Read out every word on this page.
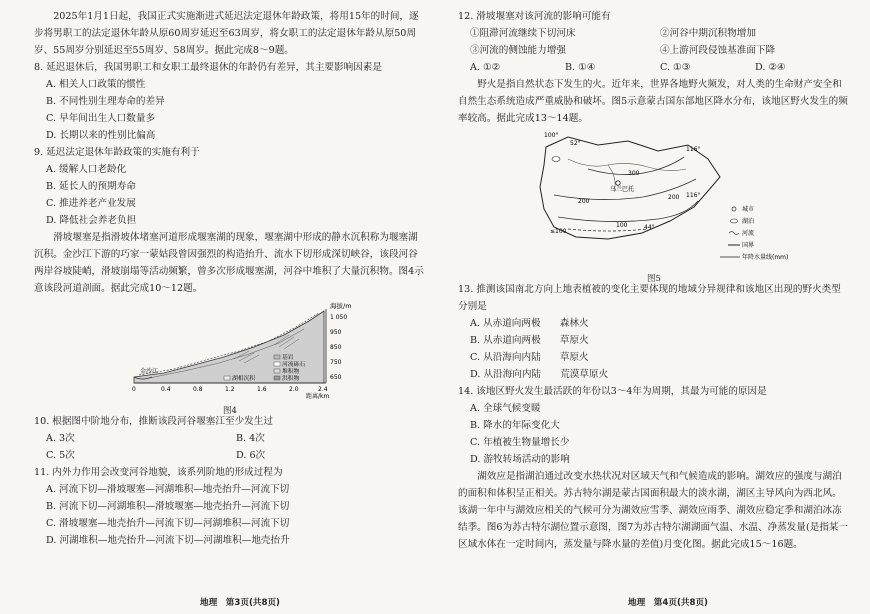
2025年1月1日起，我国正式实施渐进式延迟法定退休年龄政策，将用15年的时间，逐步将男职工的法定退休年龄从原60周岁延迟至63周岁，将女职工的法定退休年龄从原50周岁、55周岁分别延迟至55周岁、58周岁。据此完成8～9题。

8. 延迟退休后，我国男职工和女职工最终退休的年龄仍有差异，其主要影响因素是

A. 相关人口政策的惯性

B. 不同性别生理寿命的差异

C. 早年间出生人口数量多

D. 长期以来的性别比偏高

9. 延迟法定退休年龄政策的实施有利于

A. 缓解人口老龄化

B. 延长人的预期寿命

C. 推进养老产业发展

D. 降低社会养老负担

滑坡堰塞是指滑坡体堵塞河道形成堰塞湖的现象，堰塞湖中形成的静水沉积称为堰塞湖沉积。金沙江下游的巧家一蒙姑段曾因强烈的构造抬升、流水下切形成深切峡谷，该段河谷两岸谷坡陡峭，滑坡崩塌等活动频繁，曾多次形成堰塞湖，河谷中堆积了大量沉积物。图4示意该段河道剖面。据此完成10～12题。

海拔/m
1 050
950
850
750
650
0	0.4	0.8	1.2	1.6	2.0	2.4
距离/km
金沙江
基岩
河流砾石
堆积物
洪积物
湖相沉积

图4

10. 根据图中阶地分布，推断该段河谷堰塞江至少发生过

A. 3次	B. 4次
C. 5次	D. 6次

11. 内外力作用会改变河谷地貌，该系列阶地的形成过程为

A. 河流下切—滑坡堰塞—河湖堆积—地壳抬升—河流下切

B. 河流下切—河湖堆积—滑坡堰塞—地壳抬升—河流下切

C. 滑坡堰塞—地壳抬升—河流下切—河湖堆积—河流下切

D. 河湖堆积—地壳抬升—河流下切—河湖堆积—地壳抬升

12. 滑坡堰塞对该河流的影响可能有

①阻滞河流继续下切河床	②河谷中期沉积物增加
③河流的侧蚀能力增强	④上游河段侵蚀基准面下降
A. ①②	B. ①④	C. ①③	D. ②④

野火是指自然状态下发生的火。近年来，世界各地野火频发，对人类的生命财产安全和自然生态系统造成严重威胁和破坏。图5示意蒙古国东部地区降水分布，该地区野火发生的频率较高。据此完成13～14题。

100°
52°
116°
116°
44°
300
200
200
100
≤100
乌兰巴托
城市
湖泊
河流
国界
年降水量线(mm)

图5

13. 推测该国南北方向上地表植被的变化主要体现的地域分异规律和该地区出现的野火类型分别是

A. 从赤道向两极　　森林火

B. 从赤道向两极　　草原火

C. 从沿海向内陆　　草原火

D. 从沿海向内陆　　荒漠草原火

14. 该地区野火发生最活跃的年份以3～4年为周期，其最为可能的原因是

A. 全球气候变暖

B. 降水的年际变化大

C. 年植被生物量增长少

D. 游牧转场活动的影响

湖效应是指湖泊通过改变水热状况对区域天气和气候造成的影响。湖效应的强度与湖泊的面积和体积呈正相关。苏古特尔湖是蒙古国面积最大的淡水湖，湖区主导风向为西北风。该湖一年中与湖效应相关的气候可分为湖效应雪季、湖效应雨季、湖效应稳定季和湖泊冰冻结季。图6为苏古特尔湖位置示意图，图7为苏古特尔湖湖面气温、水温、净蒸发量(是指某一区域水体在一定时间内，蒸发量与降水量的差值)月变化图。据此完成15～16题。

地理　第3页(共8页)	地理　第4页(共8页)
